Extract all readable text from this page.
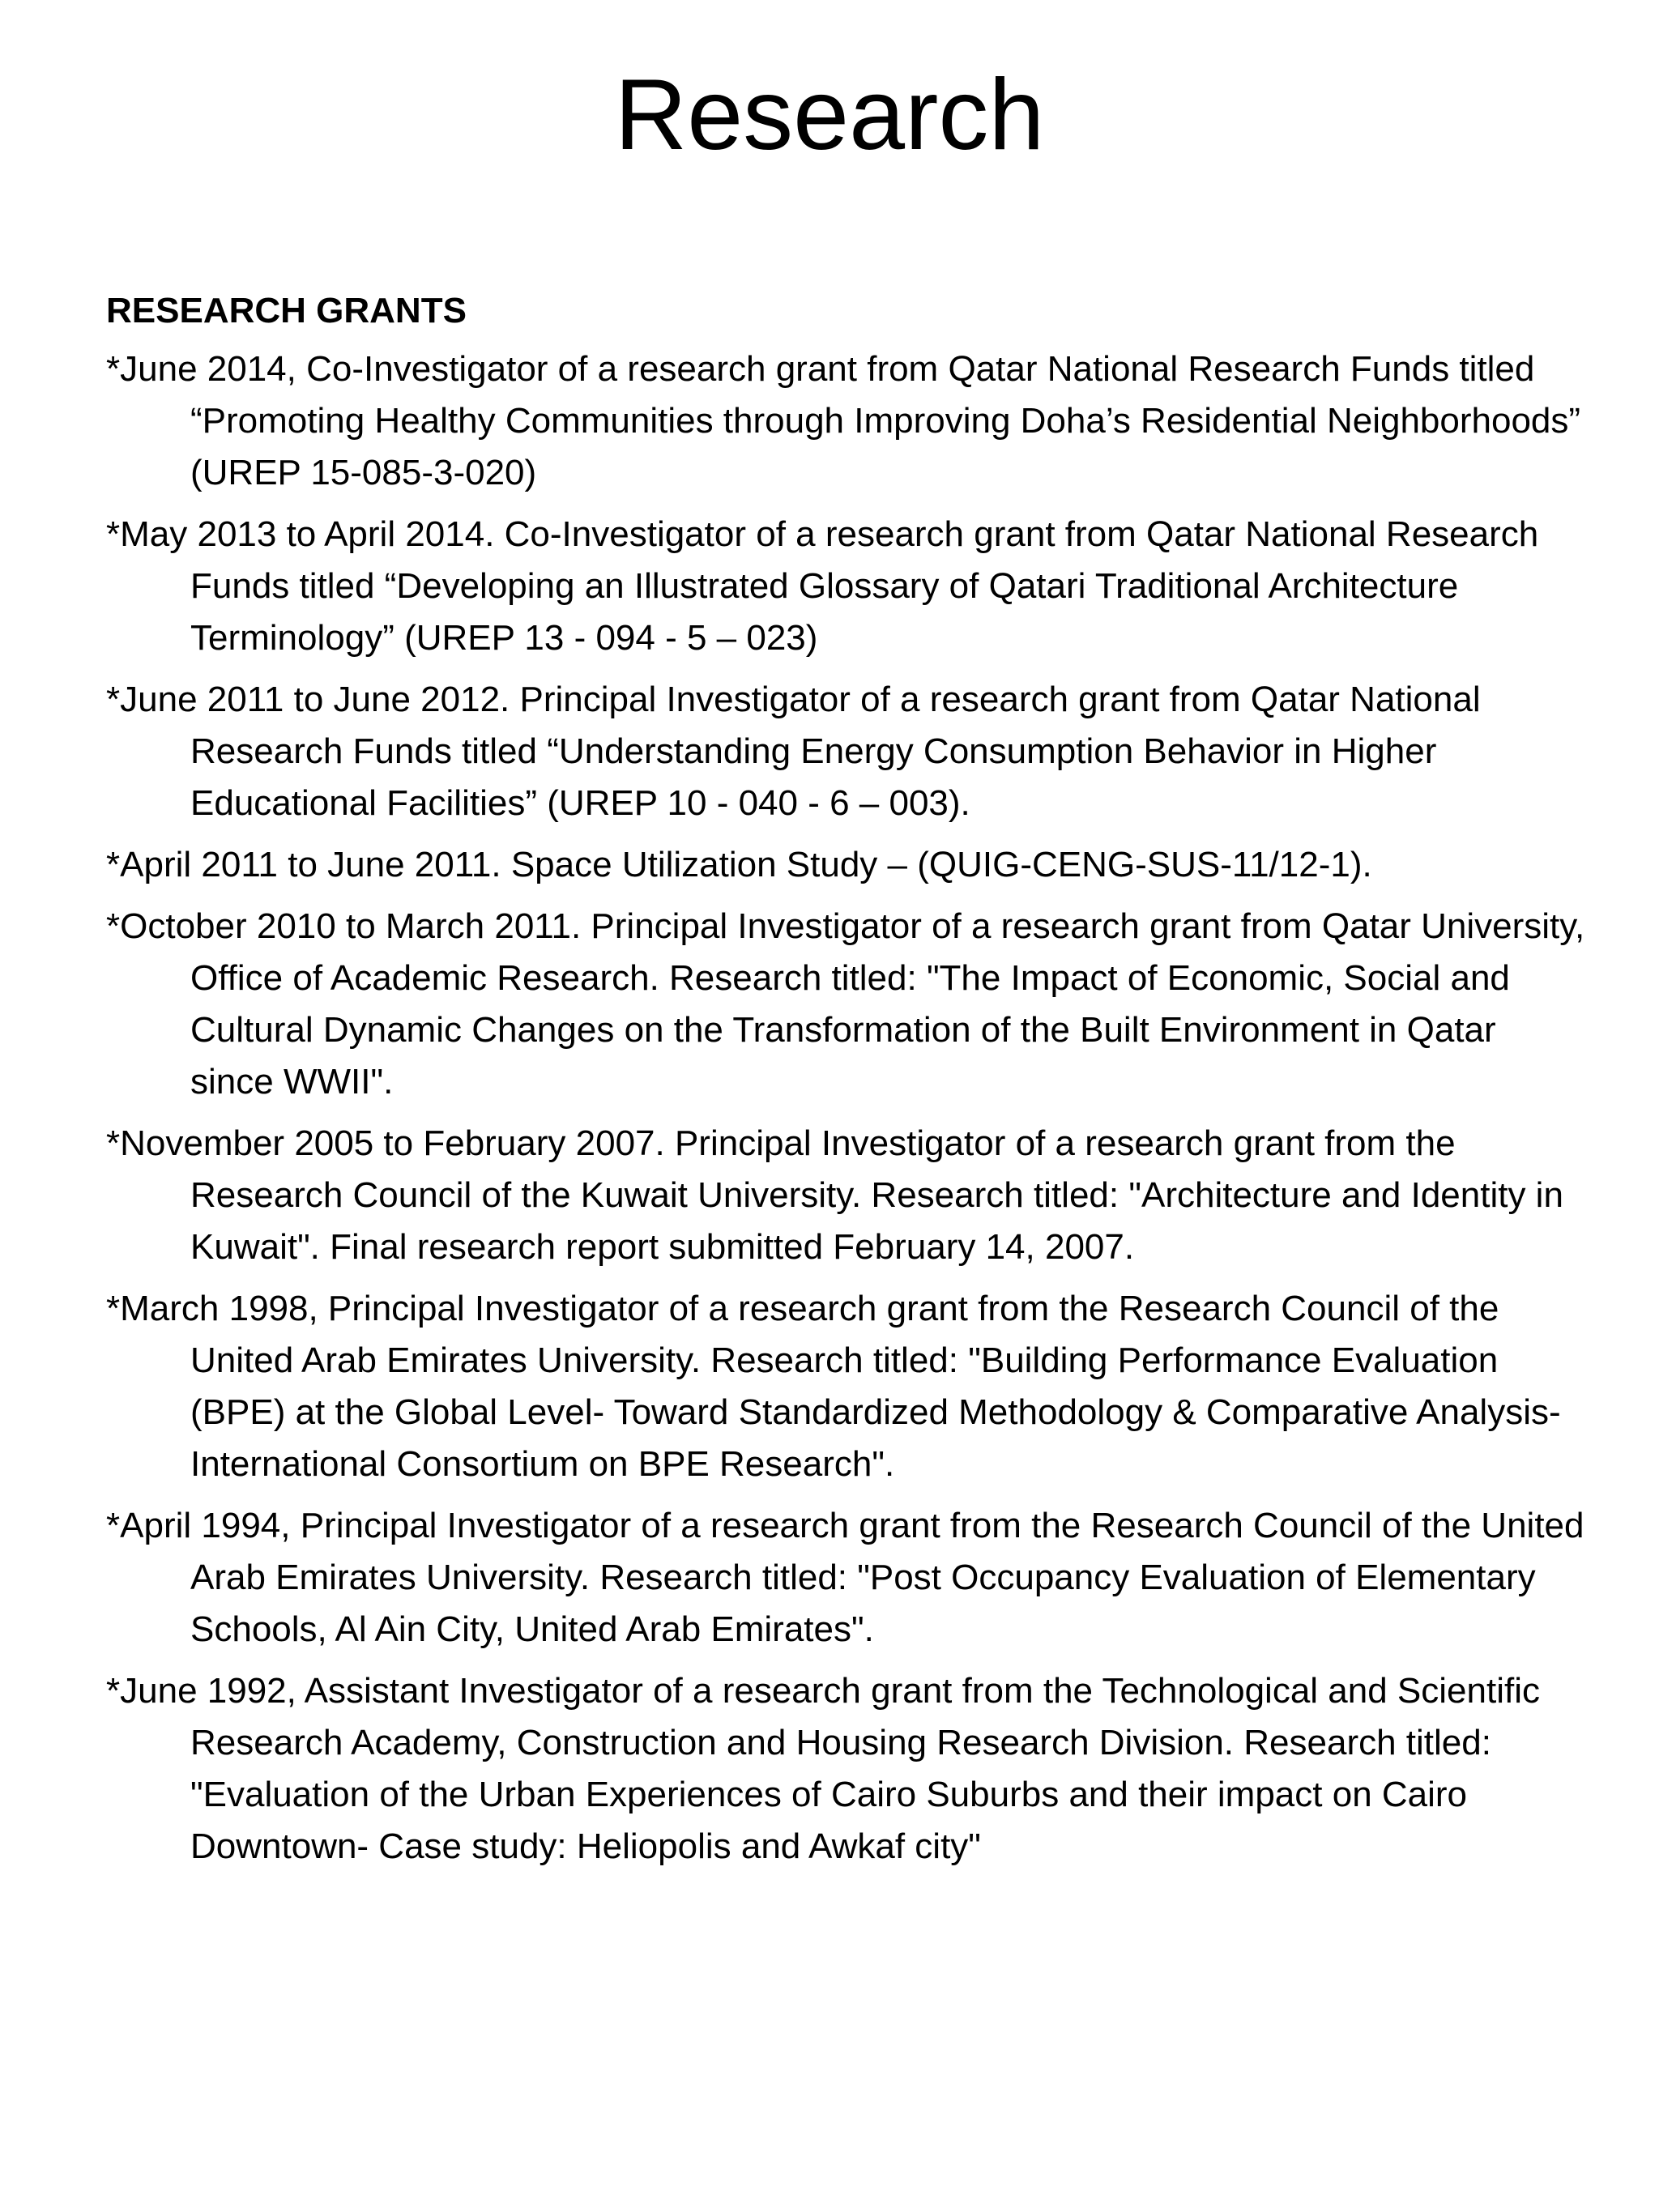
Research
RESEARCH GRANTS
*June 2014, Co-Investigator of a research grant from Qatar National Research Funds titled “Promoting Healthy Communities through Improving Doha’s Residential Neighborhoods” (UREP 15-085-3-020)
*May 2013 to April 2014. Co-Investigator of a research grant from Qatar National Research Funds titled “Developing an Illustrated Glossary of Qatari Traditional Architecture Terminology” (UREP 13 - 094 - 5 – 023)
*June 2011 to June 2012. Principal Investigator of a research grant from Qatar National Research Funds titled “Understanding Energy Consumption Behavior in Higher Educational Facilities” (UREP 10 - 040 - 6 – 003).
*April 2011 to June 2011. Space Utilization Study – (QUIG-CENG-SUS-11/12-1).
*October 2010 to March 2011. Principal Investigator of a research grant from Qatar University, Office of Academic Research. Research titled: "The Impact of Economic, Social and Cultural Dynamic Changes on the Transformation of the Built Environment in Qatar since WWII".
*November 2005 to February 2007. Principal Investigator of a research grant from the Research Council of the Kuwait University. Research titled: "Architecture and Identity in Kuwait". Final research report submitted February 14, 2007.
*March 1998, Principal Investigator of a research grant from the Research Council of the United Arab Emirates University. Research titled: "Building Performance Evaluation (BPE) at the Global Level- Toward Standardized Methodology & Comparative Analysis- International Consortium on BPE Research".
*April 1994, Principal Investigator of a research grant from the Research Council of the United Arab Emirates University. Research titled: "Post Occupancy Evaluation of Elementary Schools, Al Ain City, United Arab Emirates".
*June 1992, Assistant Investigator of a research grant from the Technological and Scientific Research Academy, Construction and Housing Research Division. Research titled: "Evaluation of the Urban Experiences of Cairo Suburbs and their impact on Cairo Downtown- Case study: Heliopolis and Awkaf city"
